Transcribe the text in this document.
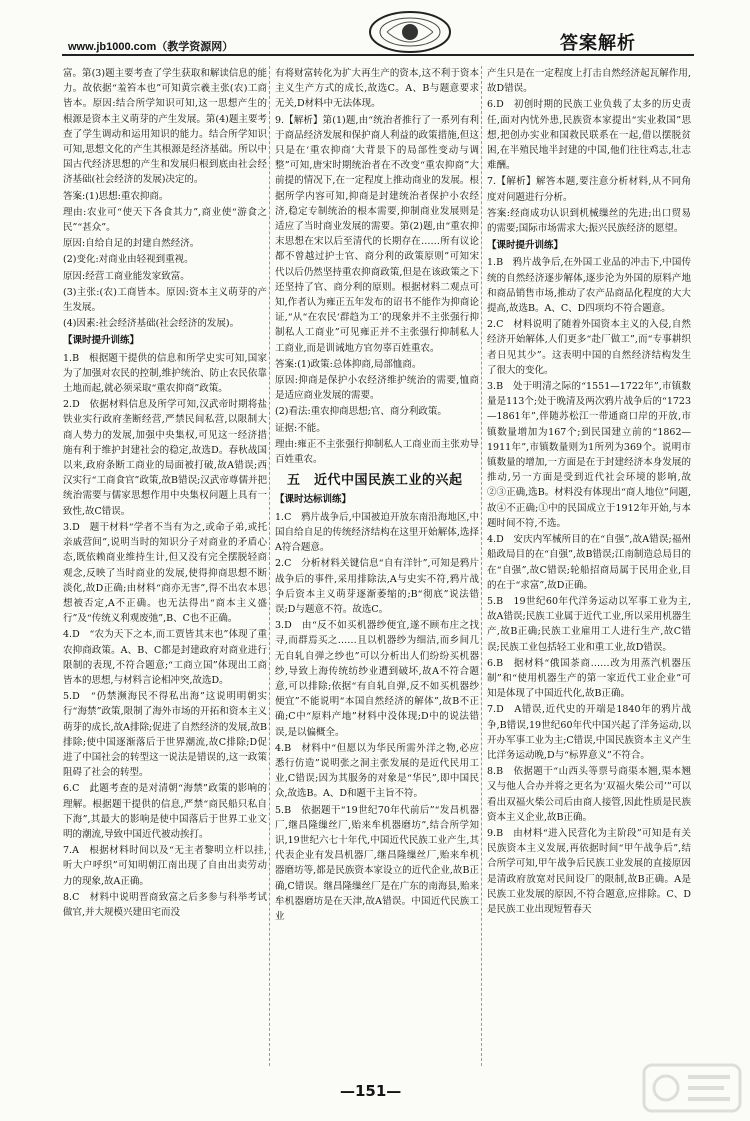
www.jb1000.com（教学资源网）	答案解析

富。第(3)题主要考查了学生获取和解读信息的能力。故依据“羞笞本也”可知黄宗羲主张(农)工商皆本。原因:结合所学知识可知,这一思想产生的根源是资本主义萌芽的产生发展。第(4)题主要考查了学生调动和运用知识的能力。结合所学知识可知,思想文化的产生其根源是经济基础。所以中国古代经济思想的产生和发展归根到底由社会经济基础(社会经济的发展)决定的。

答案:(1)思想:重农抑商。

理由:农业可“使天下各食其力”,商业使“游食之民”“甚众”。

原因:自给自足的封建自然经济。

(2)变化:对商业由轻视到重视。

原因:经营工商业能发家致富。

(3)主张:(农)工商皆本。原因:资本主义萌芽的产生发展。

(4)因素:社会经济基础(社会经济的发展)。

【课时提升训练】

1.B　根据题干提供的信息和所学史实可知,国家为了加强对农民的控制,维护统治、防止农民依靠土地而起,就必须采取“重农抑商”政策。

2.D　依据材料信息及所学可知,汉武帝时期将盐铁业实行政府垄断经营,严禁民间私营,以限制大商人势力的发展,加强中央集权,可见这一经济措施有利于维护封建社会的稳定,故选D。春秋战国以来,政府条断工商业的局面被打破,故A错误;西汉实行“工商食官”政策,故B错误;汉武帝尊儒并把统治需要与儒家思想作用中央集权问题上具有一致性,故C错误。

3.D　题干材料“学者不当有为之,或命子弟,或托亲戚营间”,说明当时的知识分子对商业的矛盾心态,既依赖商业维持生计,但又没有完全摆脱轻商观念,反映了当时商业的发展,使得抑商思想不断淡化,故D正确;由材料“商亦无害”,得不出农本思想被否定,A不正确。也无法得出“商本主义盛行”及“传统义利观废弛”,B、C也不正确。

4.D　“农为天下之本,而工贾皆其末也”体现了重农抑商政策。A、B、C都是封建政府对商业进行限制的表现,不符合题意;“工商立国”体现出工商皆本的思想,与材料言论相冲突,故选D。

5.D　“仍禁濒海民不得私出海”这说明明朝实行“海禁”政策,限制了海外市场的开拓和资本主义萌芽的成长,故A排除;促进了自然经济的发展,故B排除;使中国逐渐落后于世界潮流,故C排除;D促进了中国社会的转型这一说法是错误的,这一政策阻碍了社会的转型。

6.C　此题考查的是对清朝“海禁”政策的影响的理解。根据题干提供的信息,严禁“商民船只私自下海”,其最大的影响是使中国落后于世界工业文明的潮流,导致中国近代被动挨打。

7.A　根据材料时间以及“无主者黎明立杆以挂,听大户呼织”可知明朝江南出现了自由出卖劳动力的现象,故A正确。

8.C　材料中说明晋商致富之后多参与科举考试做官,并大规模兴建田宅而没

有将财富转化为扩大再生产的资本,这不利于资本主义生产方式的成长,故选C。A、B与题意要求无关,D材料中无法体现。

9.【解析】第(1)题,由“统治者推行了一系列有利于商品经济发展和保护商人利益的政策措施,但这只是在‘重农抑商’大背景下的局部性变动与调整”可知,唐宋时期统治者在不改变“重农抑商”大前提的情况下,在一定程度上推动商业的发展。根据所学内容可知,抑商是封建统治者保护小农经济,稳定专制统治的根本需要,抑制商业发展则是适应了当时商业发展的需要。第(2)题,由“重农抑末思想在宋以后至清代的长期存在……所有议论都不曾越过护士官、商分利的政策原则”可知宋代以后仍然坚持重农抑商政策,但是在该政策之下还坚持了官、商分利的原则。根据材料二观点可知,作者认为雍正五年发布的诏书不能作为抑商论证,“从“在农民‘群趋为工’的现象并不主张强行抑制私人工商业”可见雍正并不主张强行抑制私人工商业,而是训诫地方官勿辜百姓重农。

答案:(1)政策:总体抑商,局部恤商。

原因:抑商是保护小农经济维护统治的需要,恤商是适应商业发展的需要。

(2)看法:重农抑商思想;官、商分利政策。

证据:不能。

理由:雍正不主张强行抑制私人工商业而主张劝导百姓重农。

五　近代中国民族工业的兴起

【课时达标训练】

1.C　鸦片战争后,中国被迫开放东南沿海地区,中国自给自足的传统经济结构在这里开始解体,选择A符合题意。

2.C　分析材料关键信息“自有洋针”,可知是鸦片战争后的事件,采用排除法,A与史实不符,鸦片战争后资本主义萌芽逐渐萎缩的;B“彻底”说法错误;D与题意不符。故选C。

3.D　由“反不如买机器纱便宜,遂不顾布庄之找寻,而群焉买之……且以机器纱为细洁,而乡间几无自轧自弹之纱也”可以分析出人们纷纷买机器纱,导致上海传统纺纱业遭到破坏,故A不符合题意,可以排除;依据“有自轧自弹,反不如买机器纱便宜”不能说明“本国自然经济的解体”,故B不正确;C中“原料产地”材料中没体现;D中的说法错误,是以偏概全。

4.B　材料中“但愿以为华民所需外洋之物,必应悉行仿造”说明张之洞主张发展的是近代民用工业,C错误;因为其服务的对象是“华民”,即中国民众,故选B。A、D和题干主旨不符。

5.B　依据题干“19世纪70年代前后”“发昌机器厂,继昌隆缫丝厂,贻来牟机器磨坊”,结合所学知识,19世纪六七十年代,中国近代民族工业产生,其代表企业有发昌机器厂,继昌隆缫丝厂,贻来牟机器磨坊等,都是民族资本家设立的近代企业,故B正确,C错误。继昌隆缫丝厂是在广东的南海县,贻来牟机器磨坊是在天津,故A错误。中国近代民族工业

产生只是在一定程度上打击自然经济起瓦解作用,故D错误。

6.D　初创时期的民族工业负载了太多的历史责任,面对内忧外患,民族资本家提出“实业救国”思想,把创办实业和国救民联系在一起,借以摆脱贫困,在半殖民地半封建的中国,他们往往鸡志,壮志难酬。

7.【解析】解答本题,要注意分析材料,从不同角度对问题进行分析。

答案:经商成功认识到机械缫丝的先进;出口贸易的需要;国际市场需求大;振兴民族经济的愿望。

【课时提升训练】

1.B　鸦片战争后,在外国工业品的冲击下,中国传统的自然经济逐步解体,逐步沦为外国的原料产地和商品销售市场,推动了农产品商品化程度的大大提高,故选B。A、C、D四项均不符合题意。

2.C　材料说明了随着外国资本主义的入侵,自然经济开始解体,人们更多“赴厂做工”,而“专事耕织者日见其少”。这表明中国的自然经济结构发生了很大的变化。

3.B　处于明清之际的“1551—1722年”,市镇数量是113个;处于晚清及两次鸦片战争后的“1723—1861年”,伴随苏松江一带通商口岸的开放,市镇数量增加为167个;到民国建立前的“1862—1911年”,市镇数量则为1所列为369个。说明市镇数量的增加,一方面是在于封建经济本身发展的推动,另一方面是受到近代社会环境的影响,故②③正确,选B。材料没有体现出“商人地位”问题,故④不正确;①中的民国成立于1912年开始,与本题时间不符,不选。

4.D　安庆内军械所目的在“自强”,故A错误;福州船政局目的在“自强”,故B错误;江南制造总局目的在“自强”,故C错误;轮船招商局属于民用企业,目的在于“求富”,故D正确。

5.B　19世纪60年代洋务运动以军事工业为主,故A错误;民族工业属于近代工业,所以采用机器生产,故B正确;民族工业雇用工人进行生产,故C错误;民族工业包括轻工业和重工业,故D错误。

6.B　据材料“俄国茶商……改为用蒸汽机器压制”和“使用机器生产的第一家近代工业企业”可知是体现了中国近代化,故B正确。

7.D　A错误,近代史的开端是1840年的鸦片战争,B错误,19世纪60年代中国兴起了洋务运动,以开办军事工业为主;C错误,中国民族资本主义产生比洋务运动晚,D与“标界意义”不符合。

8.B　依据题干“山西头等票号商渠本翘,渠本翘又与他人合办并将之更名为‘双福火柴公司’”可以看出双福火柴公司后由商人接管,因此性质是民族资本主义企业,故B正确。

9.B　由材料“进入民营化为主阶段”可知是有关民族资本主义发展,再依据时间“甲午战争后”,结合所学可知,甲午战争后民族工业发展的直接原因是清政府放宽对民间设厂的限制,故B正确。A是民族工业发展的原因,不符合题意,应排除。C、D是民族工业出现短暂春天

—151—
